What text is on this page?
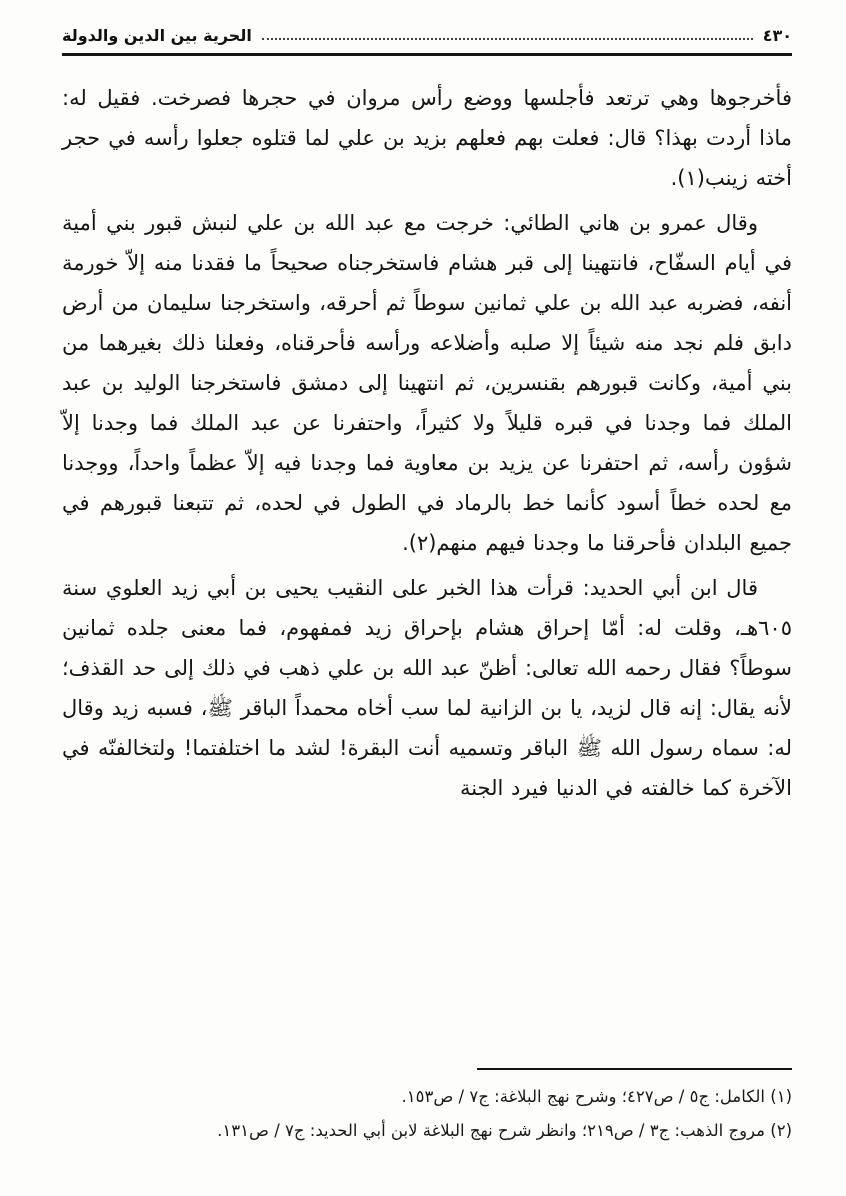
٤٣٠
الحرية بين الدين والدولة

فأخرجوها وهي ترتعد فأجلسها ووضع رأس مروان في حجرها فصرخت. فقيل له: ماذا أردت بهذا؟ قال: فعلت بهم فعلهم بزيد بن علي لما قتلوه جعلوا رأسه في حجر أخته زينب(١).

وقال عمرو بن هاني الطائي: خرجت مع عبد الله بن علي لنبش قبور بني أمية في أيام السفّاح، فانتهينا إلى قبر هشام فاستخرجناه صحيحاً ما فقدنا منه إلاّ خورمة أنفه، فضربه عبد الله بن علي ثمانين سوطاً ثم أحرقه، واستخرجنا سليمان من أرض دابق فلم نجد منه شيئاً إلا صلبه وأضلاعه ورأسه فأحرقناه، وفعلنا ذلك بغيرهما من بني أمية، وكانت قبورهم بقنسرين، ثم انتهينا إلى دمشق فاستخرجنا الوليد بن عبد الملك فما وجدنا في قبره قليلاً ولا كثيراً، واحتفرنا عن عبد الملك فما وجدنا إلاّ شؤون رأسه، ثم احتفرنا عن يزيد بن معاوية فما وجدنا فيه إلاّ عظماً واحداً، ووجدنا مع لحده خطاً أسود كأنما خط بالرماد في الطول في لحده، ثم تتبعنا قبورهم في جميع البلدان فأحرقنا ما وجدنا فيهم منهم(٢).

قال ابن أبي الحديد: قرأت هذا الخبر على النقيب يحيى بن أبي زيد العلوي سنة ٦٠٥هـ، وقلت له: أمّا إحراق هشام بإحراق زيد فمفهوم، فما معنى جلده ثمانين سوطاً؟ فقال رحمه الله تعالى: أظنّ عبد الله بن علي ذهب في ذلك إلى حد القذف؛ لأنه يقال: إنه قال لزيد، يا بن الزانية لما سب أخاه محمداً الباقر ﷺ، فسبه زيد وقال له: سماه رسول الله ﷺ الباقر وتسميه أنت البقرة! لشد ما اختلفتما! ولتخالفنّه في الآخرة كما خالفته في الدنيا فيرد الجنة

(١) الكامل: ج٥ / ص٤٢٧؛ وشرح نهج البلاغة: ج٧ / ص١٥٣.

(٢) مروج الذهب: ج٣ / ص٢١٩؛ وانظر شرح نهج البلاغة لابن أبي الحديد: ج٧ / ص١٣١.
